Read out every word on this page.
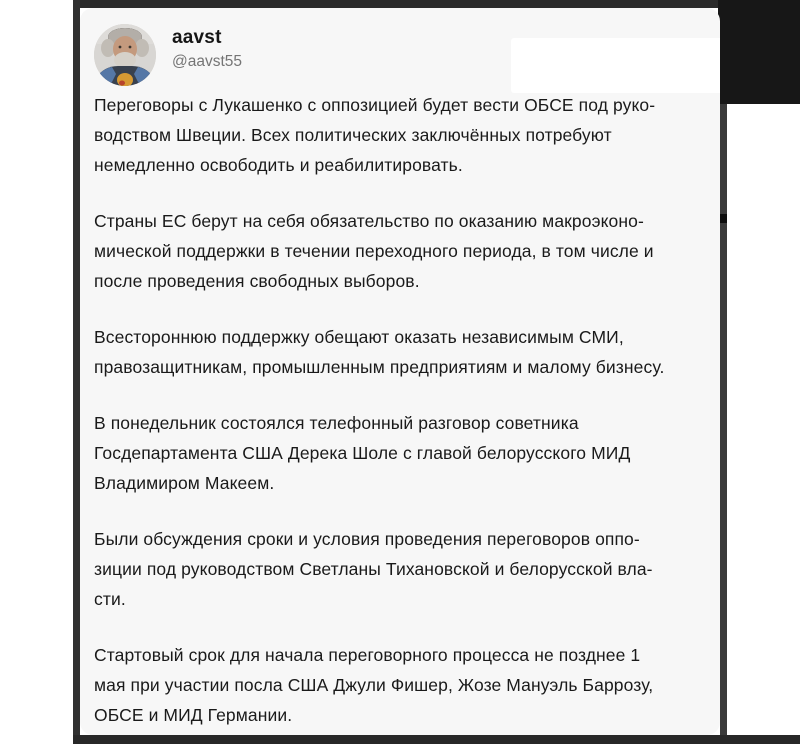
aavst
@aavst55

Переговоры с Лукашенко с оппозицией будет вести ОБСЕ под руко-
водством Швеции. Всех политических заключённых потребуют
немедленно освободить и реабилитировать.

Страны ЕС берут на себя обязательство по оказанию макроэконо-
мической поддержки в течении переходного периода, в том числе и
после проведения свободных выборов.

Всестороннюю поддержку обещают оказать независимым СМИ,
правозащитникам, промышленным предприятиям и малому бизнесу.

В понедельник состоялся телефонный разговор советника
Госдепартамента США Дерека Шоле с главой белорусского МИД
Владимиром Макеем.

Были обсуждения сроки и условия проведения переговоров оппо-
зиции под руководством Светланы Тихановской и белорусской вла-
сти.

Стартовый срок для начала переговорного процесса не позднее 1
мая при участии посла США Джули Фишер, Жозе Мануэль Баррозу,
ОБСЕ и МИД Германии.
